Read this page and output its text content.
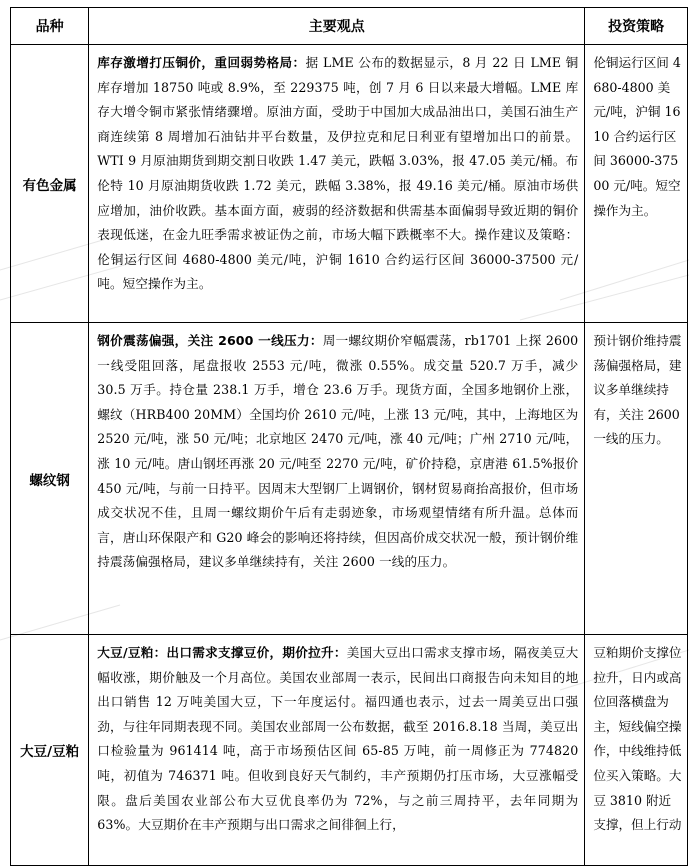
品种	主要观点	投资策略
有色金属	库存激增打压铜价，重回弱势格局：据 LME 公布的数据显示，8 月 22 日 LME 铜库存增加 18750 吨或 8.9%，至 229375 吨，创 7 月 6 日以来最大增幅。LME 库存大增令铜市紧张情绪骤增。原油方面，受助于中国加大成品油出口，美国石油生产商连续第 8 周增加石油钻井平台数量，及伊拉克和尼日利亚有望增加出口的前景。WTI 9 月原油期货到期交割日收跌 1.47 美元，跌幅 3.03%，报 47.05 美元/桶。布伦特 10 月原油期货收跌 1.72 美元，跌幅 3.38%，报 49.16 美元/桶。原油市场供应增加，油价收跌。基本面方面，疲弱的经济数据和供需基本面偏弱导致近期的铜价表现低迷，在金九旺季需求被证伪之前，市场大幅下跌概率不大。操作建议及策略：伦铜运行区间 4680-4800 美元/吨，沪铜 1610 合约运行区间 36000-37500 元/吨。短空操作为主。	伦铜运行区间 4680-4800 美元/吨，沪铜 1610 合约运行区间 36000-37500 元/吨。短空操作为主。

螺纹钢	钢价震荡偏强，关注 2600 一线压力：周一螺纹期价窄幅震荡，rb1701 上探 2600 一线受阻回落，尾盘报收 2553 元/吨，微涨 0.55%。成交量 520.7 万手，减少 30.5 万手。持仓量 238.1 万手，增仓 23.6 万手。现货方面，全国多地钢价上涨，螺纹（HRB400 20MM）全国均价 2610 元/吨，上涨 13 元/吨，其中，上海地区为 2520 元/吨，涨 50 元/吨；北京地区 2470 元/吨，涨 40 元/吨；广州 2710 元/吨，涨 10 元/吨。唐山钢坯再涨 20 元/吨至 2270 元/吨，矿价持稳，京唐港 61.5%报价 450 元/吨，与前一日持平。因周末大型钢厂上调钢价，钢材贸易商抬高报价，但市场成交状况不佳，且周一螺纹期价午后有走弱迹象，市场观望情绪有所升温。总体而言，唐山环保限产和 G20 峰会的影响还将持续，但因高价成交状况一般，预计钢价维持震荡偏强格局，建议多单继续持有，关注 2600 一线的压力。	预计钢价维持震荡偏强格局，建议多单继续持有，关注 2600 一线的压力。

大豆/豆粕	大豆/豆粕：出口需求支撑豆价，期价拉升：美国大豆出口需求支撑市场，隔夜美豆大幅收涨，期价触及一个月高位。美国农业部周一表示，民间出口商报告向未知目的地出口销售 12 万吨美国大豆，下一年度运付。福四通也表示，过去一周美豆出口强劲，与往年同期表现不同。美国农业部周一公布数据，截至 2016.8.18 当周，美豆出口检验量为 961414 吨，高于市场预估区间 65-85 万吨，前一周修正为 774820 吨，初值为 746371 吨。但收到良好天气制约，丰产预期仍打压市场，大豆涨幅受限。盘后美国农业部公布大豆优良率仍为 72%，与之前三周持平，去年同期为 63%。大豆期价在丰产预期与出口需求之间徘徊上行，	豆粕期价支撑位拉升，日内或高位回落横盘为主，短线偏空操作，中线维持低位买入策略。大豆 3810 附近支撑，但上行动
